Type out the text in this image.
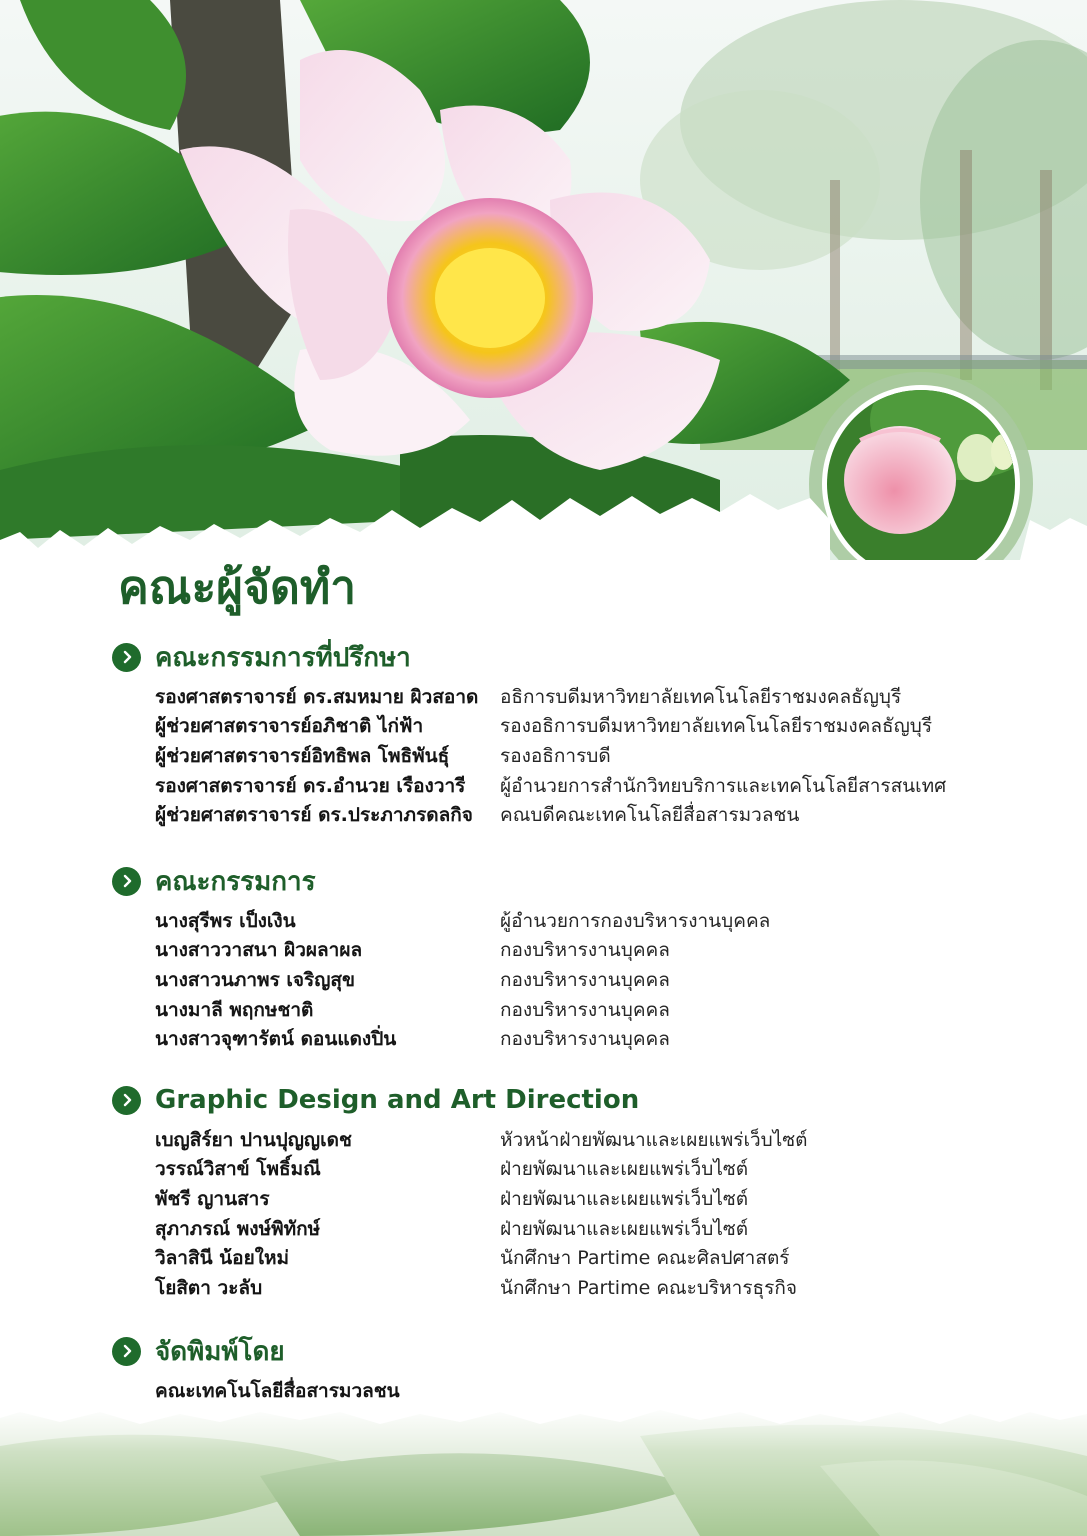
คณะผู้จัดทำ
คณะกรรมการที่ปรึกษา
รองศาสตราจารย์ ดร.สมหมาย ผิวสอาด	อธิการบดีมหาวิทยาลัยเทคโนโลยีราชมงคลธัญบุรี
ผู้ช่วยศาสตราจารย์อภิชาติ ไก่ฟ้า	รองอธิการบดีมหาวิทยาลัยเทคโนโลยีราชมงคลธัญบุรี
ผู้ช่วยศาสตราจารย์อิทธิพล โพธิพันธุ์	รองอธิการบดี
รองศาสตราจารย์ ดร.อำนวย เรืองวารี	ผู้อำนวยการสำนักวิทยบริการและเทคโนโลยีสารสนเทศ
ผู้ช่วยศาสตราจารย์ ดร.ประภาภรดลกิจ	คณบดีคณะเทคโนโลยีสื่อสารมวลชน
คณะกรรมการ
นางสุรีพร เป็งเงิน	ผู้อำนวยการกองบริหารงานบุคคล
นางสาววาสนา ผิวผลาผล	กองบริหารงานบุคคล
นางสาวนภาพร เจริญสุข	กองบริหารงานบุคคล
นางมาลี พฤกษชาติ	กองบริหารงานบุคคล
นางสาวจุฑารัตน์ ดอนแดงปิ่น	กองบริหารงานบุคคล
Graphic Design and Art Direction
เบญสิร์ยา ปานปุญญเดช	หัวหน้าฝ่ายพัฒนาและเผยแพร่เว็บไซต์
วรรณ์วิสาข์ โพธิ์มณี	ฝ่ายพัฒนาและเผยแพร่เว็บไซต์
พัชรี ญานสาร	ฝ่ายพัฒนาและเผยแพร่เว็บไซต์
สุภาภรณ์ พงษ์พิทักษ์	ฝ่ายพัฒนาและเผยแพร่เว็บไซต์
วิลาสินี น้อยใหม่	นักศึกษา Partime คณะศิลปศาสตร์
โยสิตา วะลับ	นักศึกษา Partime คณะบริหารธุรกิจ
จัดพิมพ์โดย
คณะเทคโนโลยีสื่อสารมวลชน
